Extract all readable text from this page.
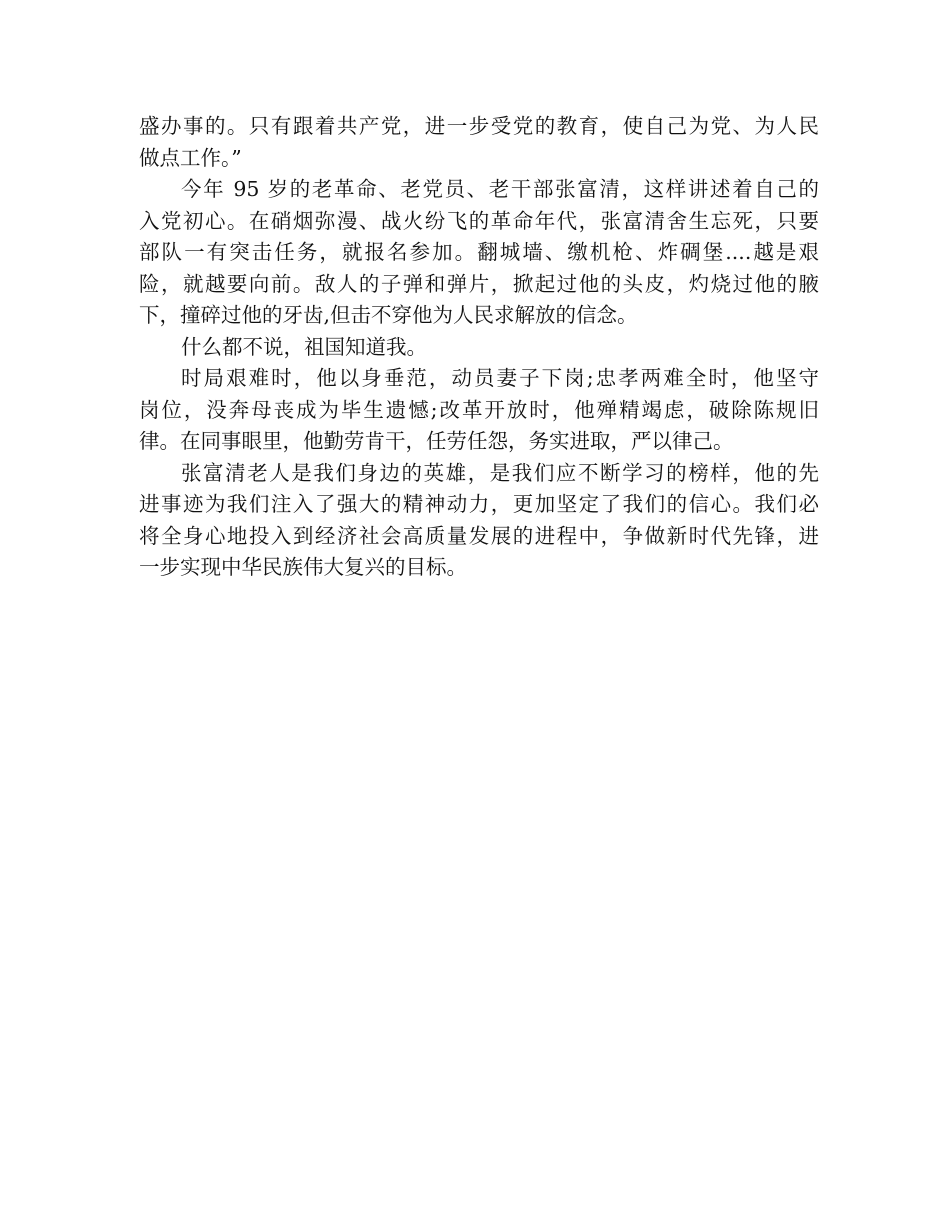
盛办事的。只有跟着共产党，进一步受党的教育，使自己为党、为人民
做点工作。”
今年 95 岁的老革命、老党员、老干部张富清，这样讲述着自己的
入党初心。在硝烟弥漫、战火纷飞的革命年代，张富清舍生忘死，只要
部队一有突击任务，就报名参加。翻城墙、缴机枪、炸碉堡....越是艰
险，就越要向前。敌人的子弹和弹片，掀起过他的头皮，灼烧过他的腋
下，撞碎过他的牙齿,但击不穿他为人民求解放的信念。
什么都不说，祖国知道我。
时局艰难时，他以身垂范，动员妻子下岗;忠孝两难全时，他坚守
岗位，没奔母丧成为毕生遗憾;改革开放时，他殚精竭虑，破除陈规旧
律。在同事眼里，他勤劳肯干，任劳任怨，务实进取，严以律己。
张富清老人是我们身边的英雄，是我们应不断学习的榜样，他的先
进事迹为我们注入了强大的精神动力，更加坚定了我们的信心。我们必
将全身心地投入到经济社会高质量发展的进程中，争做新时代先锋，进
一步实现中华民族伟大复兴的目标。
